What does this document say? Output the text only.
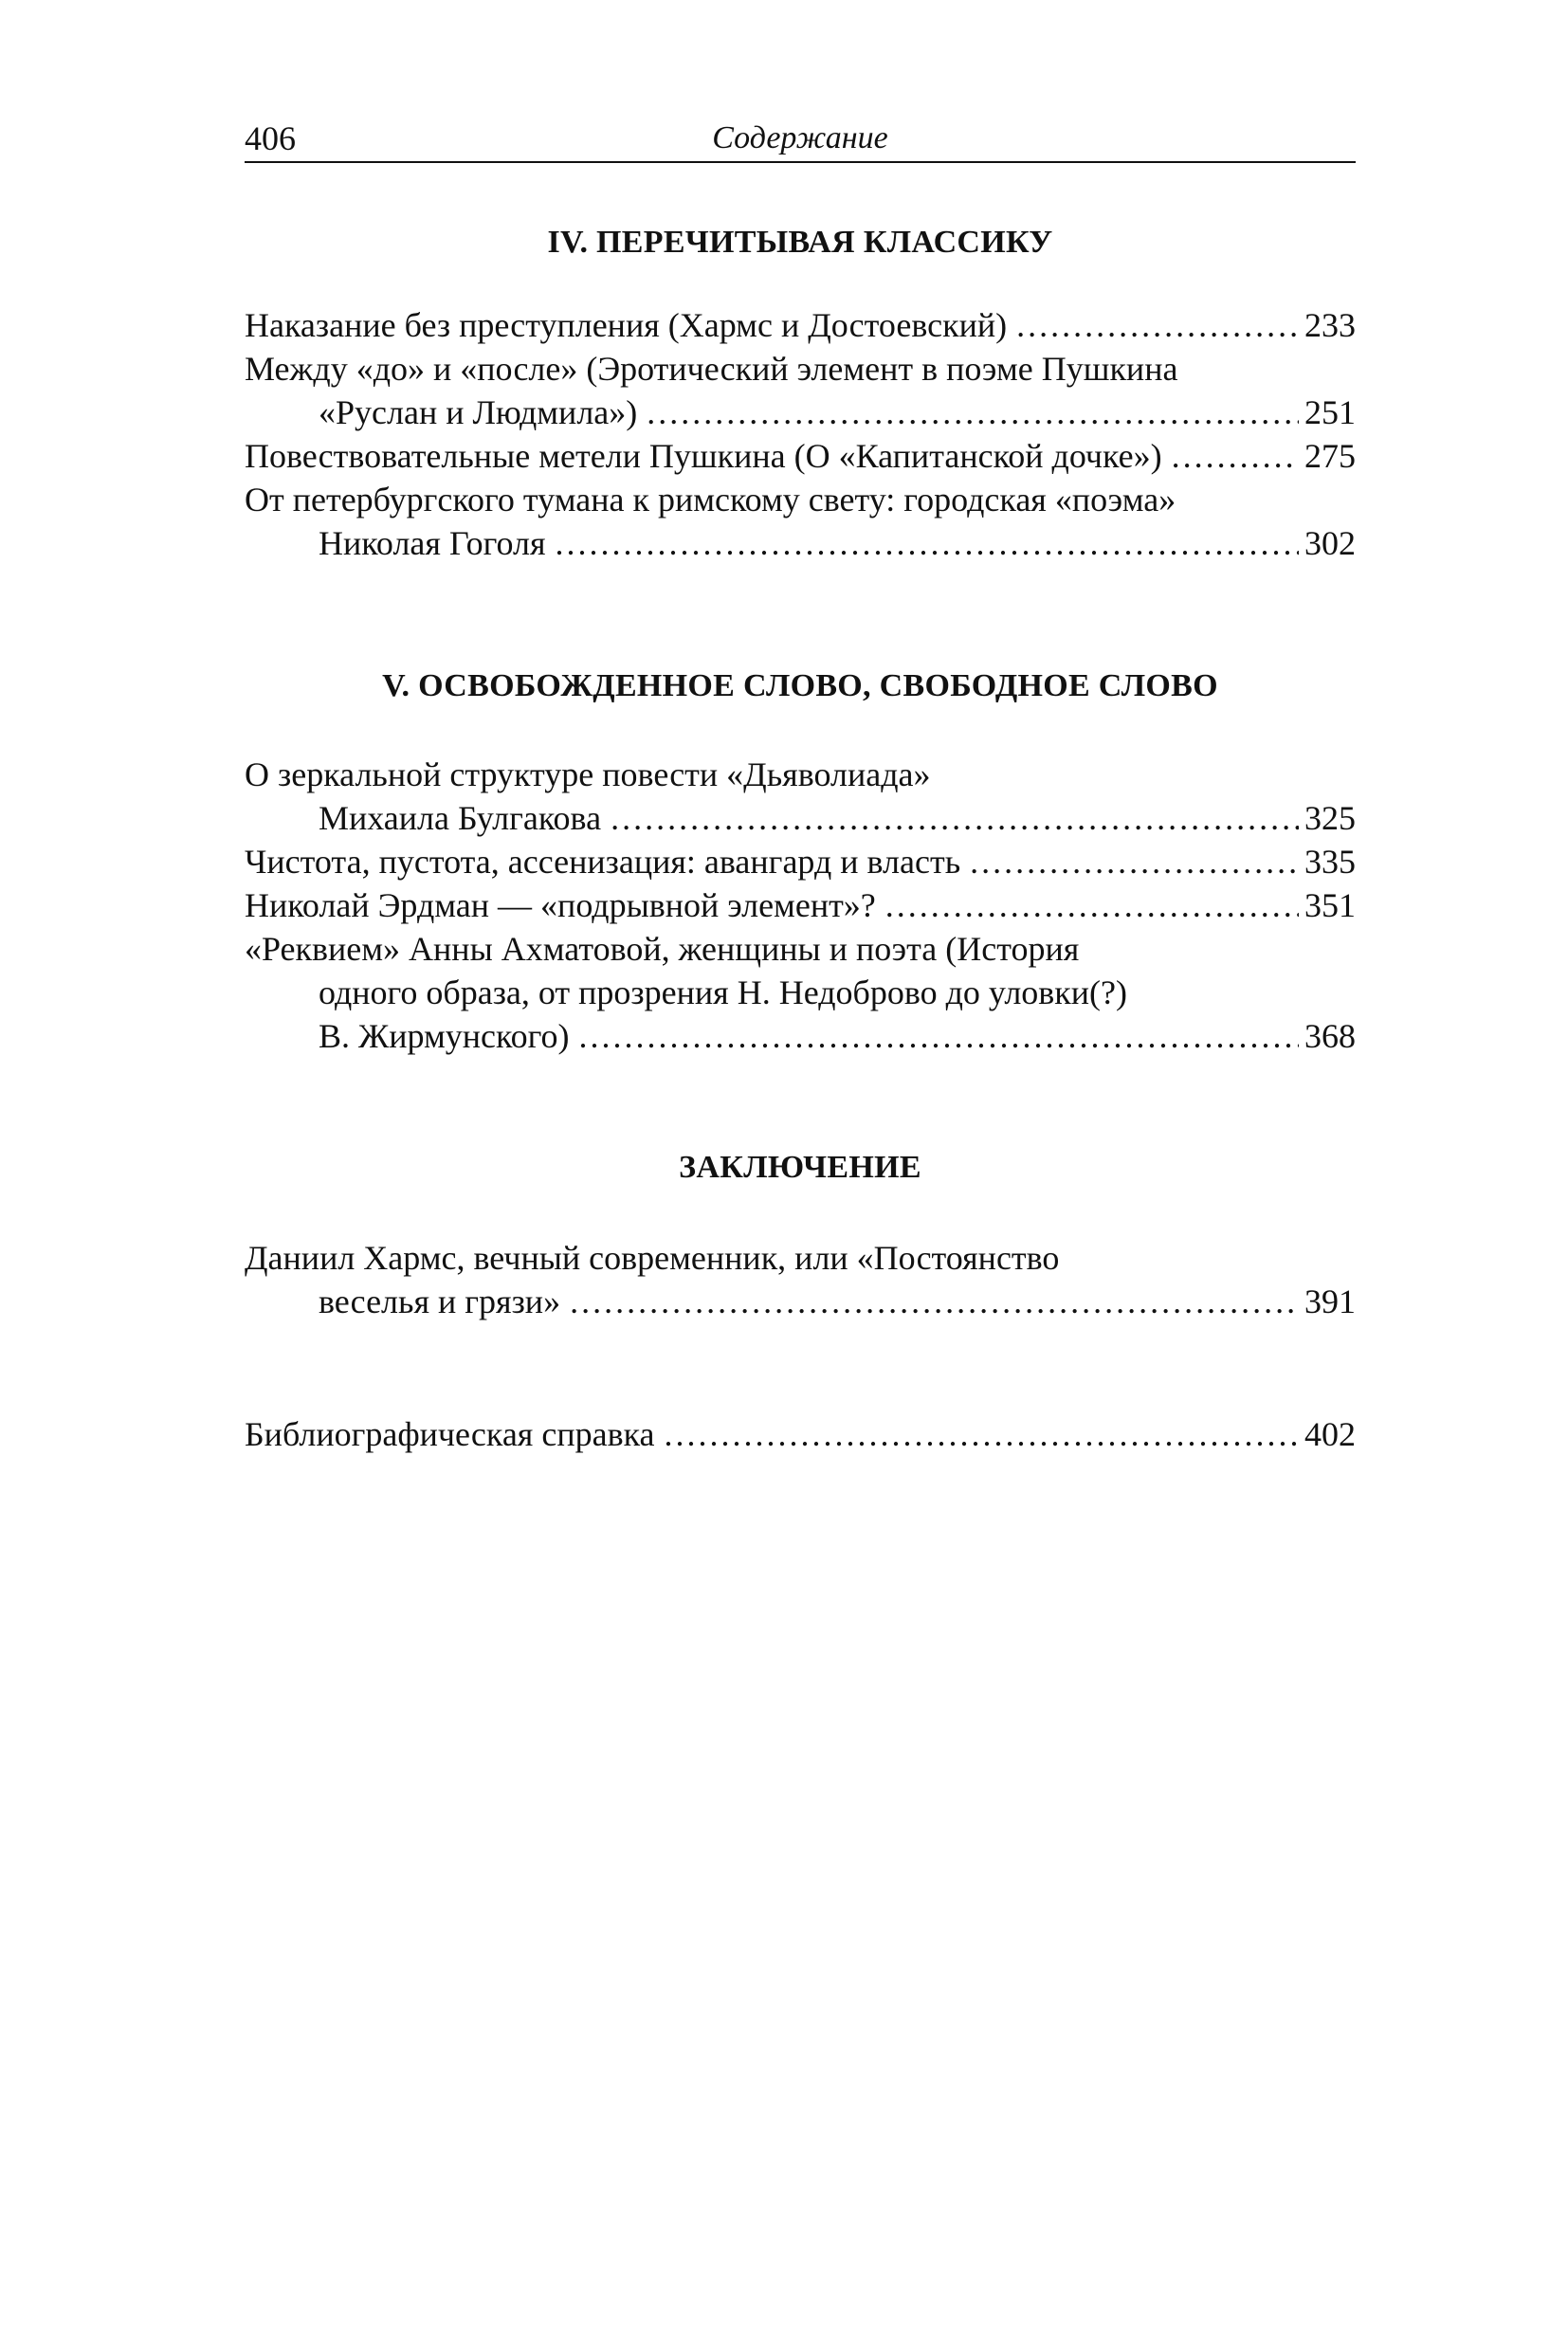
406	Содержание
IV. ПЕРЕЧИТЫВАЯ КЛАССИКУ
Наказание без преступления (Хармс и Достоевский) .....	233
Между «до» и «после» (Эротический элемент в поэме Пушкина
«Руслан и Людмила») .....	251
Повествовательные метели Пушкина (О «Капитанской дочке») .....	275
От петербургского тумана к римскому свету: городская «поэма»
Николая Гоголя .....	302
V. ОСВОБОЖДЕННОЕ СЛОВО, СВОБОДНОЕ СЛОВО
О зеркальной структуре повести «Дьяволиада»
Михаила Булгакова .....	325
Чистота, пустота, ассенизация: авангард и власть .....	335
Николай Эрдман — «подрывной элемент»? .....	351
«Реквием» Анны Ахматовой, женщины и поэта (История
одного образа, от прозрения Н. Недоброво до уловки(?)
В. Жирмунского) .....	368
ЗАКЛЮЧЕНИЕ
Даниил Хармс, вечный современник, или «Постоянство
веселья и грязи» .....	391
Библиографическая справка .....	402
